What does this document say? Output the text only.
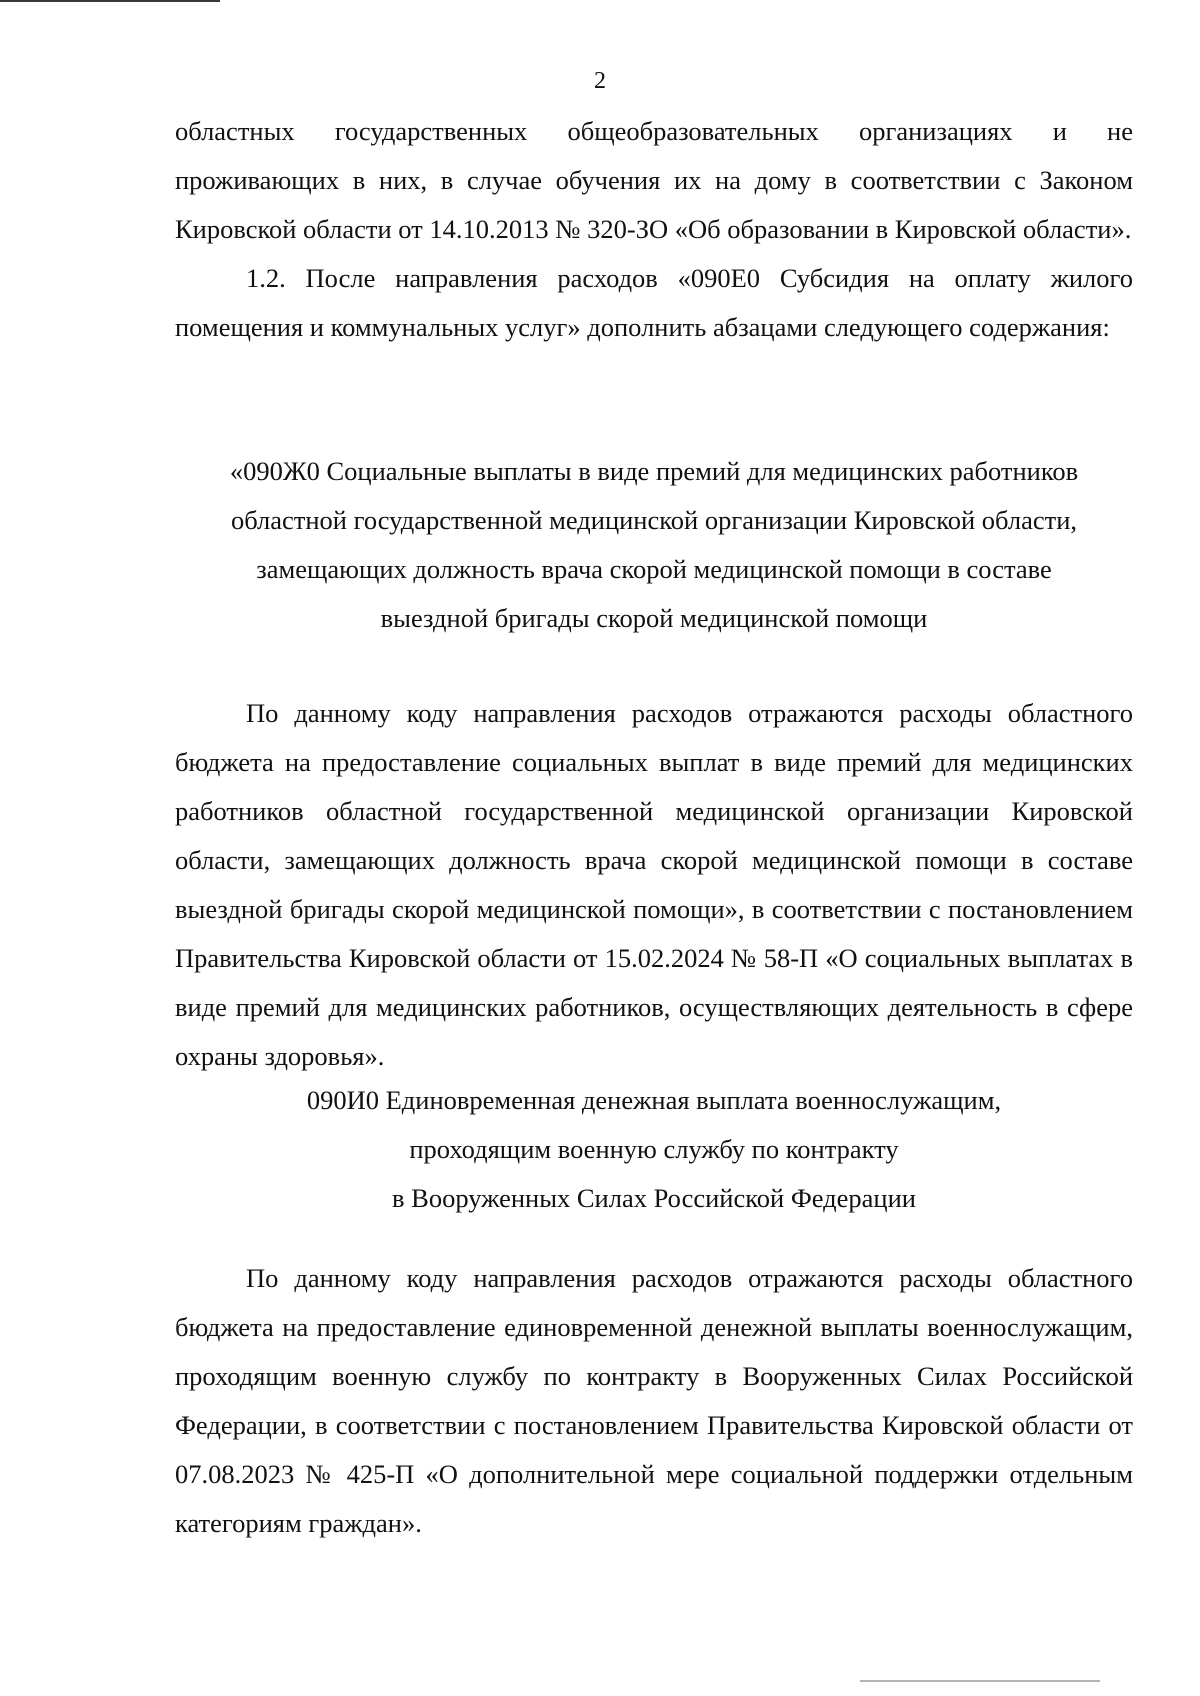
2

областных государственных общеобразовательных организациях и не проживающих в них, в случае обучения их на дому в соответствии с Законом Кировской области от 14.10.2013 № 320-ЗО «Об образовании в Кировской области».

1.2. После направления расходов «090Е0 Субсидия на оплату жилого помещения и коммунальных услуг» дополнить абзацами следующего содержания:

«090Ж0 Социальные выплаты в виде премий для медицинских работников

областной государственной медицинской организации Кировской области,

замещающих должность врача скорой медицинской помощи в составе

выездной бригады скорой медицинской помощи

По данному коду направления расходов отражаются расходы областного бюджета на предоставление социальных выплат в виде премий для медицинских работников областной государственной медицинской организации Кировской области, замещающих должность врача скорой медицинской помощи в составе выездной бригады скорой медицинской помощи», в соответствии с постановлением Правительства Кировской области от 15.02.2024 № 58-П «О социальных выплатах в виде премий для медицинских работников, осуществляющих деятельность в сфере охраны здоровья».

090И0 Единовременная денежная выплата военнослужащим,

проходящим военную службу по контракту

в Вооруженных Силах Российской Федерации

По данному коду направления расходов отражаются расходы областного бюджета на предоставление единовременной денежной выплаты военнослужащим, проходящим военную службу по контракту в Вооруженных Силах Российской Федерации, в соответствии с постановлением Правительства Кировской области от 07.08.2023 № 425-П «О дополнительной мере социальной поддержки отдельным категориям граждан».
